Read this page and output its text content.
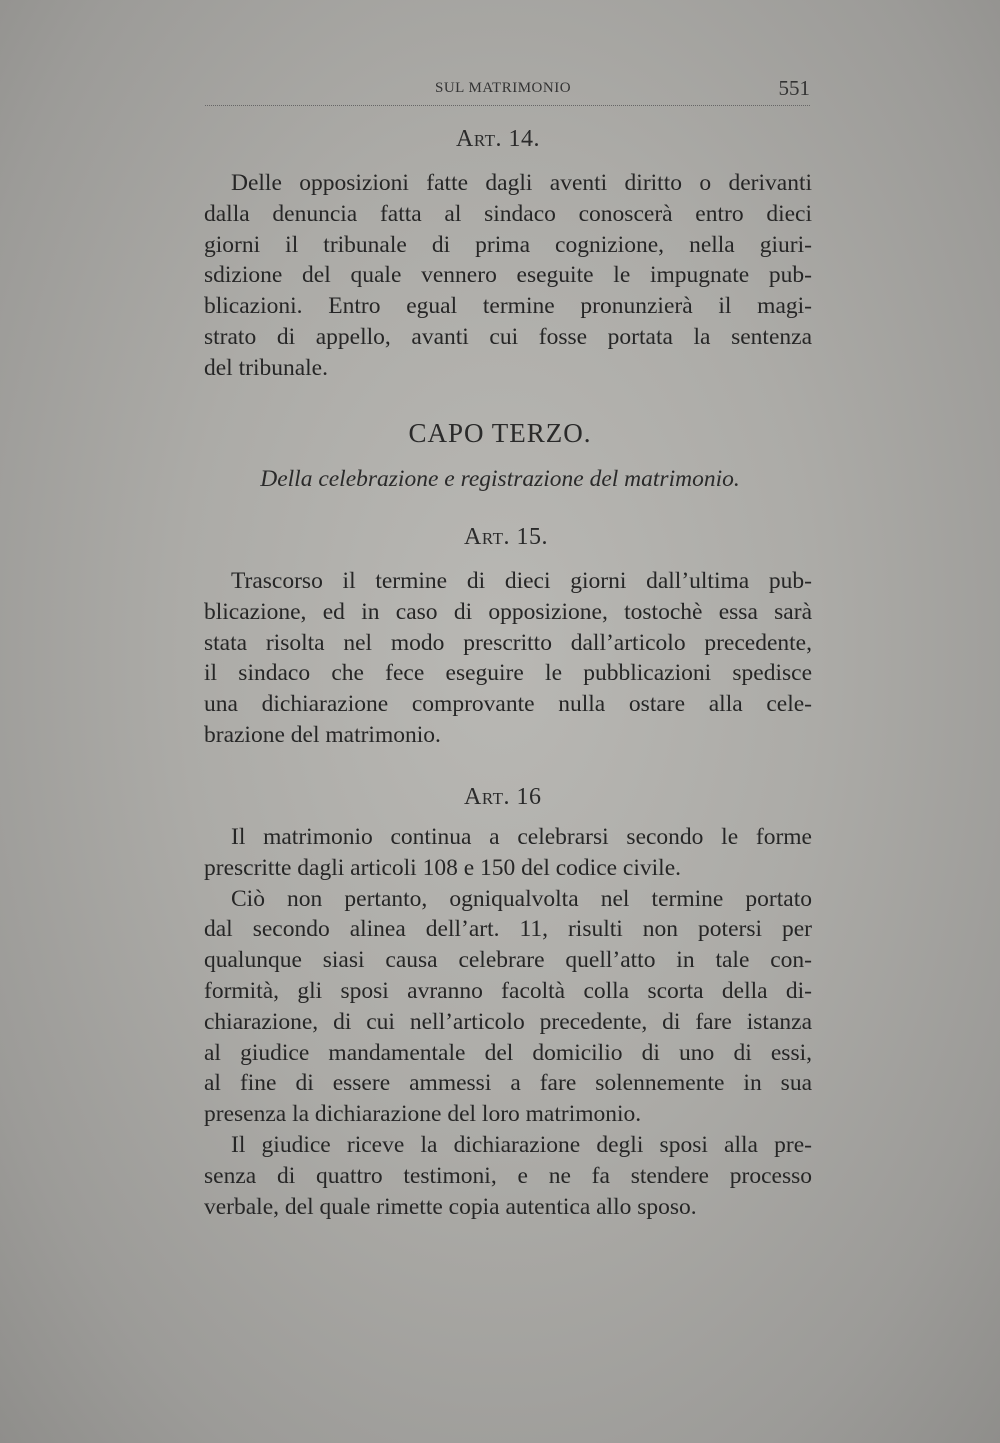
SUL MATRIMONIO	551
Art. 14.
Delle opposizioni fatte dagli aventi diritto o derivanti
dalla denuncia fatta al sindaco conoscerà entro dieci
giorni il tribunale di prima cognizione, nella giuri-
sdizione del quale vennero eseguite le impugnate pub-
blicazioni. Entro egual termine pronunzierà il magi-
strato di appello, avanti cui fosse portata la sentenza
del tribunale.
CAPO TERZO.
Della celebrazione e registrazione del matrimonio.
Art. 15.
Trascorso il termine di dieci giorni dall’ultima pub-
blicazione, ed in caso di opposizione, tostochè essa sarà
stata risolta nel modo prescritto dall’articolo precedente,
il sindaco che fece eseguire le pubblicazioni spedisce
una dichiarazione comprovante nulla ostare alla cele-
brazione del matrimonio.
Art. 16
Il matrimonio continua a celebrarsi secondo le forme
prescritte dagli articoli 108 e 150 del codice civile.
Ciò non pertanto, ogniqualvolta nel termine portato
dal secondo alinea dell’art. 11, risulti non potersi per
qualunque siasi causa celebrare quell’atto in tale con-
formità, gli sposi avranno facoltà colla scorta della di-
chiarazione, di cui nell’articolo precedente, di fare istanza
al giudice mandamentale del domicilio di uno di essi,
al fine di essere ammessi a fare solennemente in sua
presenza la dichiarazione del loro matrimonio.
Il giudice riceve la dichiarazione degli sposi alla pre-
senza di quattro testimoni, e ne fa stendere processo
verbale, del quale rimette copia autentica allo sposo.
